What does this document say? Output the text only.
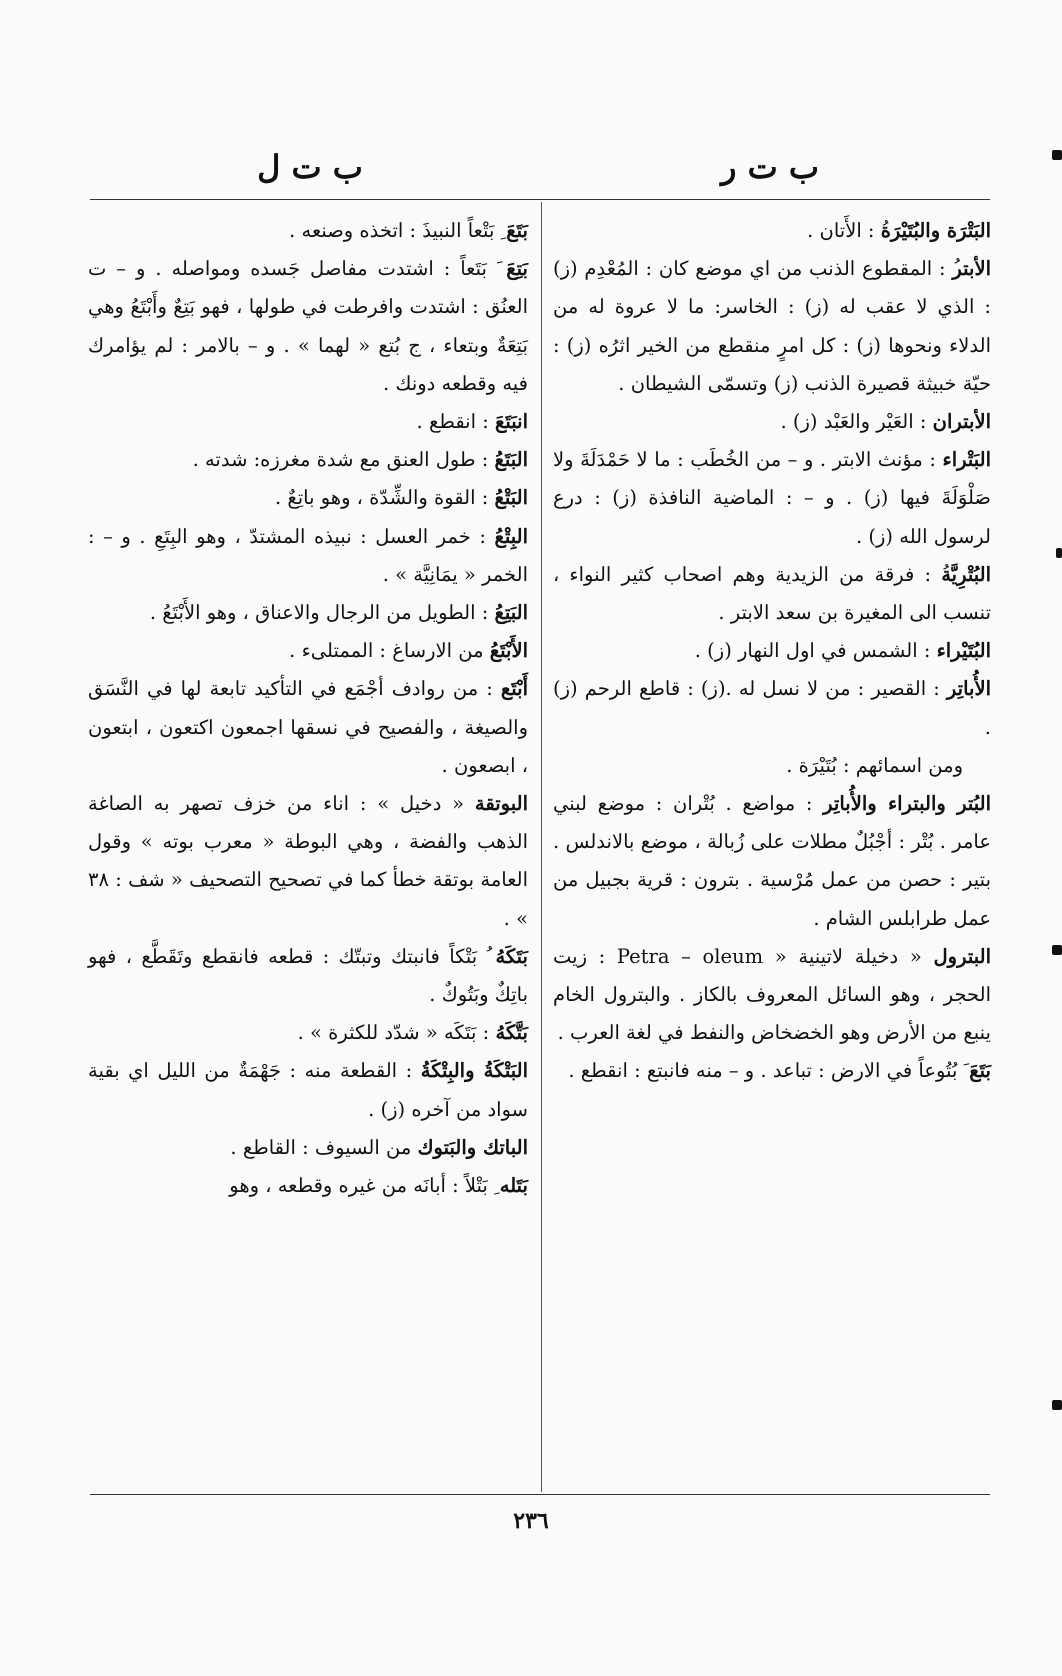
ب ت ر
ب ت ل

البَتْرَة والبُتَيْرَةُ : الأَتان .

الأبترُ : المقطوع الذنب من اي موضع كان : المُعْدِم (ز) : الذي لا عقب له (ز) : الخاسر: ما لا عروة له من الدلاء ونحوها (ز) : كل امرٍ منقطع من الخير اثرُه (ز) : حيّة خبيثة قصيرة الذنب (ز) وتسمّى الشيطان .

الأبتران : العَيْر والعَبْد (ز) .

البَتْراء : مؤنث الابتر . و – من الخُطَب : ما لا حَمْدَلَةَ ولا صَلْوَلَةَ فيها (ز) . و – : الماضية النافذة (ز) : درع لرسول الله (ز) .

البُتْرِيَّةُ : فرقة من الزيدية وهم اصحاب كثير النواء ، تنسب الى المغيرة بن سعد الابتر .

البُتَيْراء : الشمس في اول النهار (ز) .

الأُباتِر : القصير : من لا نسل له .(ز) : قاطع الرحم (ز) .

ومن اسمائهم : بُتَيْرَة .

البُتر والبتراء والأُباتِر : مواضع . بُتْران : موضع لبني عامر . بُتْر : أجْبُلٌ مطلات على زُبالة ، موضع بالاندلس . بتير : حصن من عمل مُرْسية . بترون : قرية بجبيل من عمل طرابلس الشام .

البترول « دخيلة لاتينية « Petra – oleum : زيت الحجر ، وهو السائل المعروف بالكاز . والبترول الخام ينبع من الأرض وهو الخضخاض والنفط في لغة العرب .

بَتَعَ َ بُتُوعاً في الارض : تباعد . و – منه فانبتع : انقطع .

بَتَعَ ِ بَتْعاً النبيذَ : اتخذه وصنعه .

بَتِعَ َ بَتَعاً : اشتدت مفاصل جَسده ومواصله . و – ت العنُق : اشتدت وافرطت في طولها ، فهو بَتِعٌ وأَبْتَعُ وهي بَتِعَةٌ وبتعاء ، ج بُتع « لهما » . و – بالامر : لم يؤامرك فيه وقطعه دونك .

انبَتَعَ : انقطع .

البَتَعُ : طول العنق مع شدة مغرزه: شدته .

البَتْعُ : القوة والشِّدّة ، وهو باتِعٌ .

البِتْعُ : خمر العسل : نبيذه المشتدّ ، وهو البِتَعِ . و – : الخمر « يمَانِيَّة » .

البَتِعُ : الطويل من الرجال والاعناق ، وهو الأَبْتَعُ .

الأَبْتَعُ من الارساغ : الممتلىء .

أَبْتَع : من روادف أجْمَع في التأكيد تابعة لها في النَّسَق والصيغة ، والفصيح في نسقها اجمعون اكتعون ، ابتعون ، ابصعون .

البوتقة « دخيل » : اناء من خزف تصهر به الصاغة الذهب والفضة ، وهي البوطة « معرب بوته » وقول العامة بوتقة خطأ كما في تصحيح التصحيف « شف : ٣٨ » .

بَتَكَهُ ُ بَتْكاً فانبتك وتبتّك : قطعه فانقطع وتَقَطَّع ، فهو باتِكٌ وبَتُوكٌ .

بَتَّكَهُ : بَتَكَه « شدّد للكثرة » .

البَتْكَةُ والبِتْكَةُ : القطعة منه : جَهْمَةٌ من الليل اي بقية سواد من آخره (ز) .

الباتك والبَتوك من السيوف : القاطع .

بَتَله ِ بَتْلاً : أبانَه من غيره وقطعه ، وهو

٢٣٦
